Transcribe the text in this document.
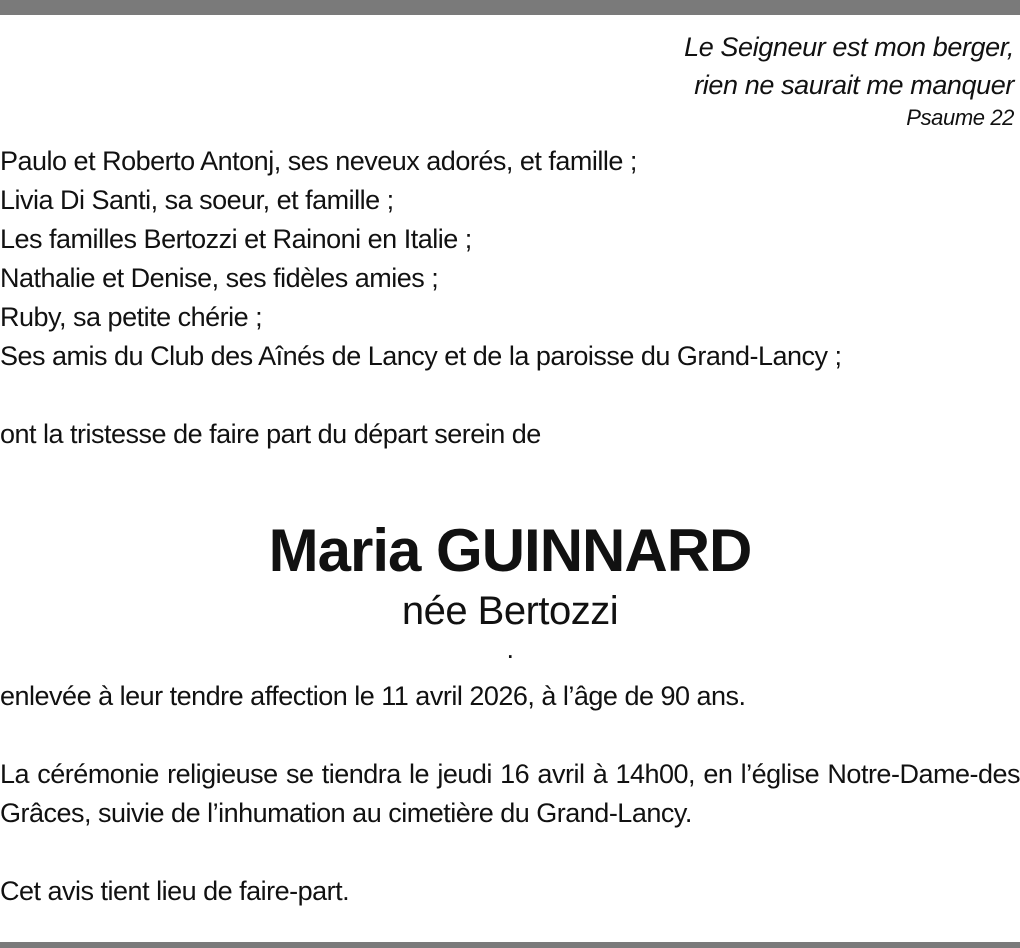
Le Seigneur est mon berger,
rien ne saurait me manquer
Psaume 22
Paulo et Roberto Antonj, ses neveux adorés, et famille ;
Livia Di Santi, sa soeur, et famille ;
Les familles Bertozzi et Rainoni en Italie ;
Nathalie et Denise, ses fidèles amies ;
Ruby, sa petite chérie ;
Ses amis du Club des Aînés de Lancy et de la paroisse du Grand-Lancy ;
ont la tristesse de faire part du départ serein de
Maria GUINNARD
née Bertozzi
.
enlevée à leur tendre affection le 11 avril 2026, à l’âge de 90 ans.
La cérémonie religieuse se tiendra le jeudi 16 avril à 14h00, en l’église Notre-Dame-des Grâces, suivie de l’inhumation au cimetière du Grand-Lancy.
Cet avis tient lieu de faire-part.
